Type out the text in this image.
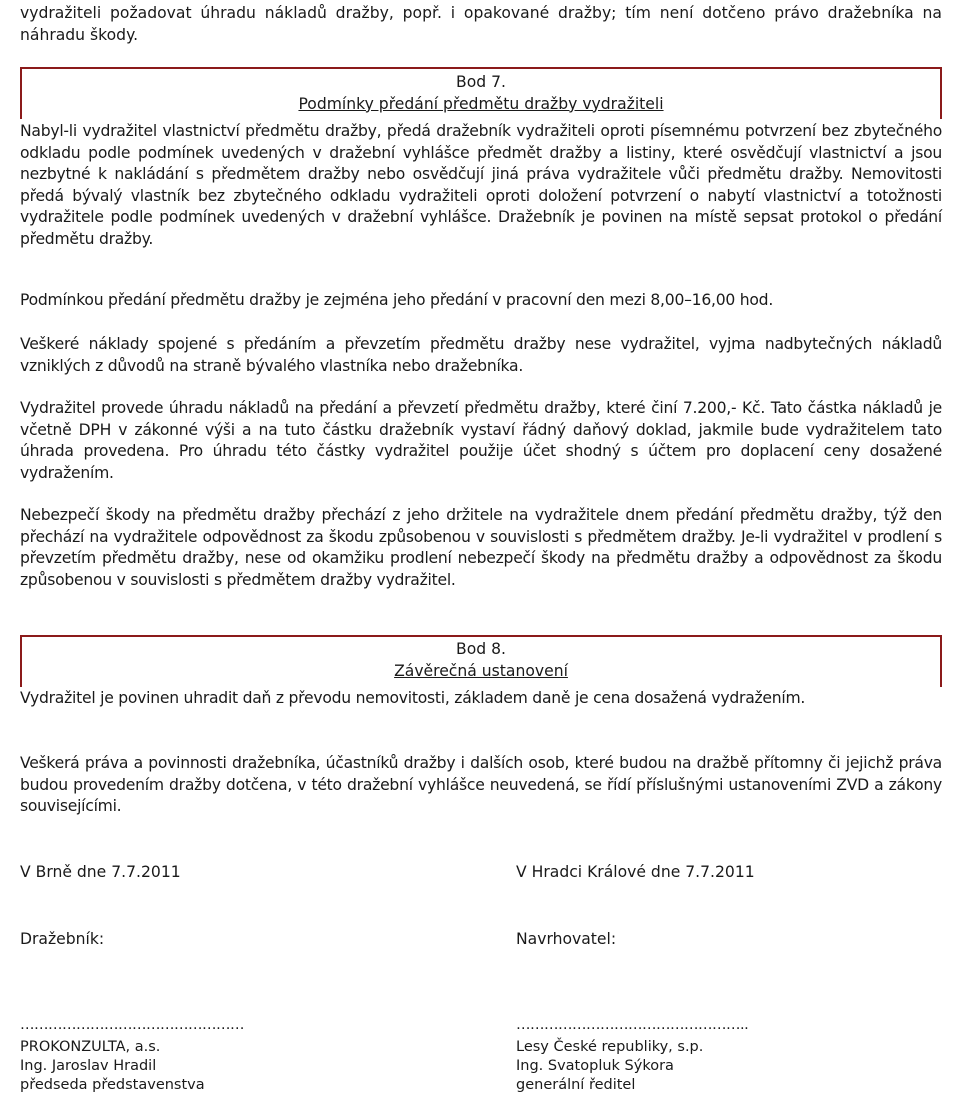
vydražiteli požadovat úhradu nákladů dražby, popř. i opakované dražby; tím není dotčeno právo dražebníka na náhradu škody.

Bod 7.
Podmínky předání předmětu dražby vydražiteli

Nabyl-li vydražitel vlastnictví předmětu dražby, předá dražebník vydražiteli oproti písemnému potvrzení bez zbytečného odkladu podle podmínek uvedených v dražební vyhlášce předmět dražby a listiny, které osvědčují vlastnictví a jsou nezbytné k nakládání s předmětem dražby nebo osvědčují jiná práva vydražitele vůči předmětu dražby. Nemovitosti předá bývalý vlastník bez zbytečného odkladu vydražiteli oproti doložení potvrzení o nabytí vlastnictví a totožnosti vydražitele podle podmínek uvedených v dražební vyhlášce. Dražebník je povinen na místě sepsat protokol o předání předmětu dražby.

Podmínkou předání předmětu dražby je zejména jeho předání v pracovní den mezi 8,00–16,00 hod.

Veškeré náklady spojené s předáním a převzetím předmětu dražby nese vydražitel, vyjma nadbytečných nákladů vzniklých z důvodů na straně bývalého vlastníka nebo dražebníka.

Vydražitel provede úhradu nákladů na předání a převzetí předmětu dražby, které činí 7.200,- Kč. Tato částka nákladů je včetně DPH v zákonné výši a na tuto částku dražebník vystaví řádný daňový doklad, jakmile bude vydražitelem tato úhrada provedena. Pro úhradu této částky vydražitel použije účet shodný s účtem pro doplacení ceny dosažené vydražením.

Nebezpečí škody na předmětu dražby přechází z jeho držitele na vydražitele dnem předání předmětu dražby, týž den přechází na vydražitele odpovědnost za škodu způsobenou v souvislosti s předmětem dražby. Je-li vydražitel v prodlení s převzetím předmětu dražby, nese od okamžiku prodlení nebezpečí škody na předmětu dražby a odpovědnost za škodu způsobenou v souvislosti s předmětem dražby vydražitel.

Bod 8.
Závěrečná ustanovení

Vydražitel je povinen uhradit daň z převodu nemovitosti, základem daně je cena dosažená vydražením.

Veškerá práva a povinnosti dražebníka, účastníků dražby i dalších osob, které budou na dražbě přítomny či jejichž práva budou provedením dražby dotčena, v této dražební vyhlášce neuvedená, se řídí příslušnými ustanoveními ZVD a zákony souvisejícími.

V Brně dne 7.7.2011	V Hradci Králové dne 7.7.2011
Dražebník:	Navrhovatel:
…………………………………………	…………………………………………..
PROKONZULTA, a.s.	Lesy České republiky, s.p.
Ing. Jaroslav Hradil	Ing. Svatopluk Sýkora
předseda představenstva	generální ředitel
